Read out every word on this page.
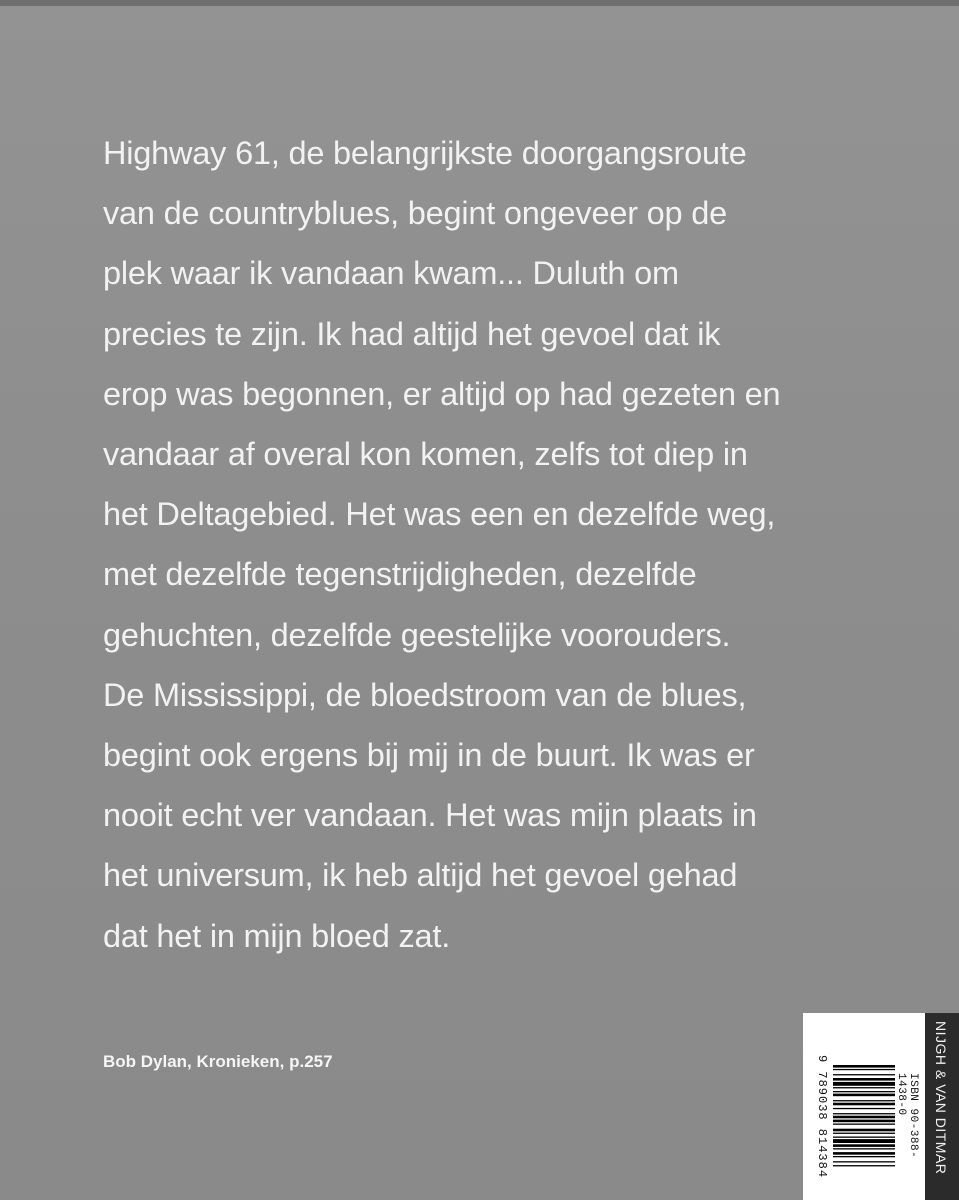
Highway 61, de belangrijkste doorgangsroute
van de countryblues, begint ongeveer op de
plek waar ik vandaan kwam... Duluth om
precies te zijn. Ik had altijd het gevoel dat ik
erop was begonnen, er altijd op had gezeten en
vandaar af overal kon komen, zelfs tot diep in
het Deltagebied. Het was een en dezelfde weg,
met dezelfde tegenstrijdigheden, dezelfde
gehuchten, dezelfde geestelijke voorouders.
De Mississippi, de bloedstroom van de blues,
begint ook ergens bij mij in de buurt. Ik was er
nooit echt ver vandaan. Het was mijn plaats in
het universum, ik heb altijd het gevoel gehad
dat het in mijn bloed zat.
Bob Dylan, Kronieken, p.257	9 789038 814384	ISBN 90-388-1438-0	NIJGH & VAN DITMAR
